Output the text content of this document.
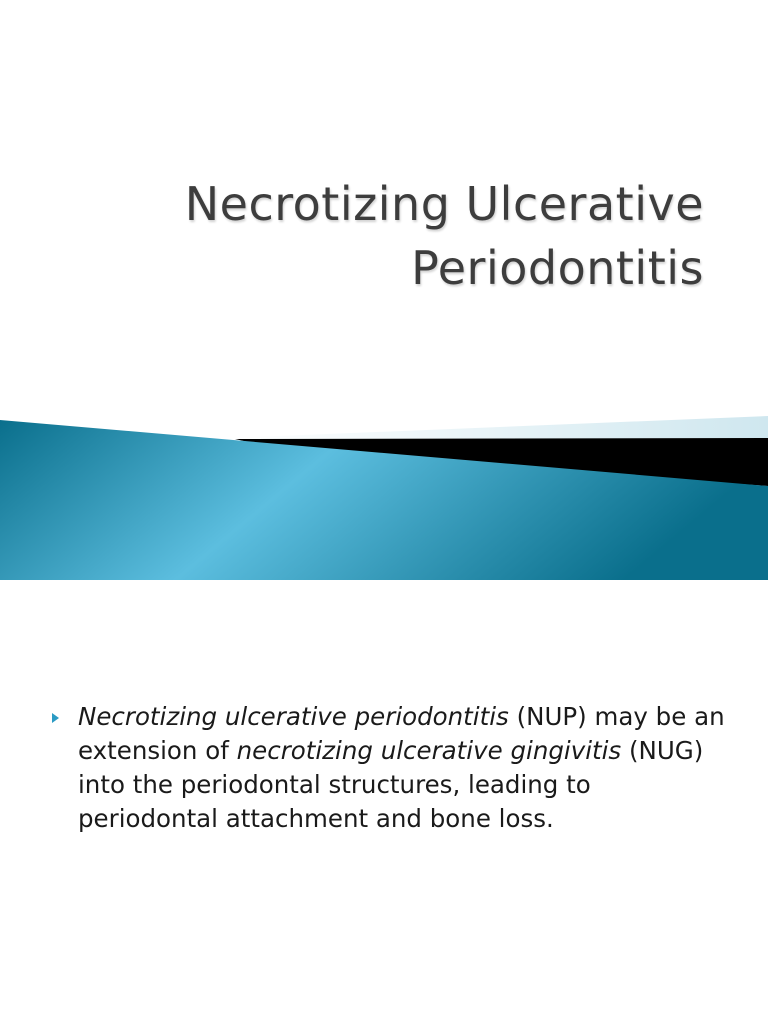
Necrotizing Ulcerative
Periodontitis
Necrotizing ulcerative periodontitis (NUP) may be an extension of necrotizing ulcerative gingivitis (NUG) into the periodontal structures, leading to periodontal attachment and bone loss.
